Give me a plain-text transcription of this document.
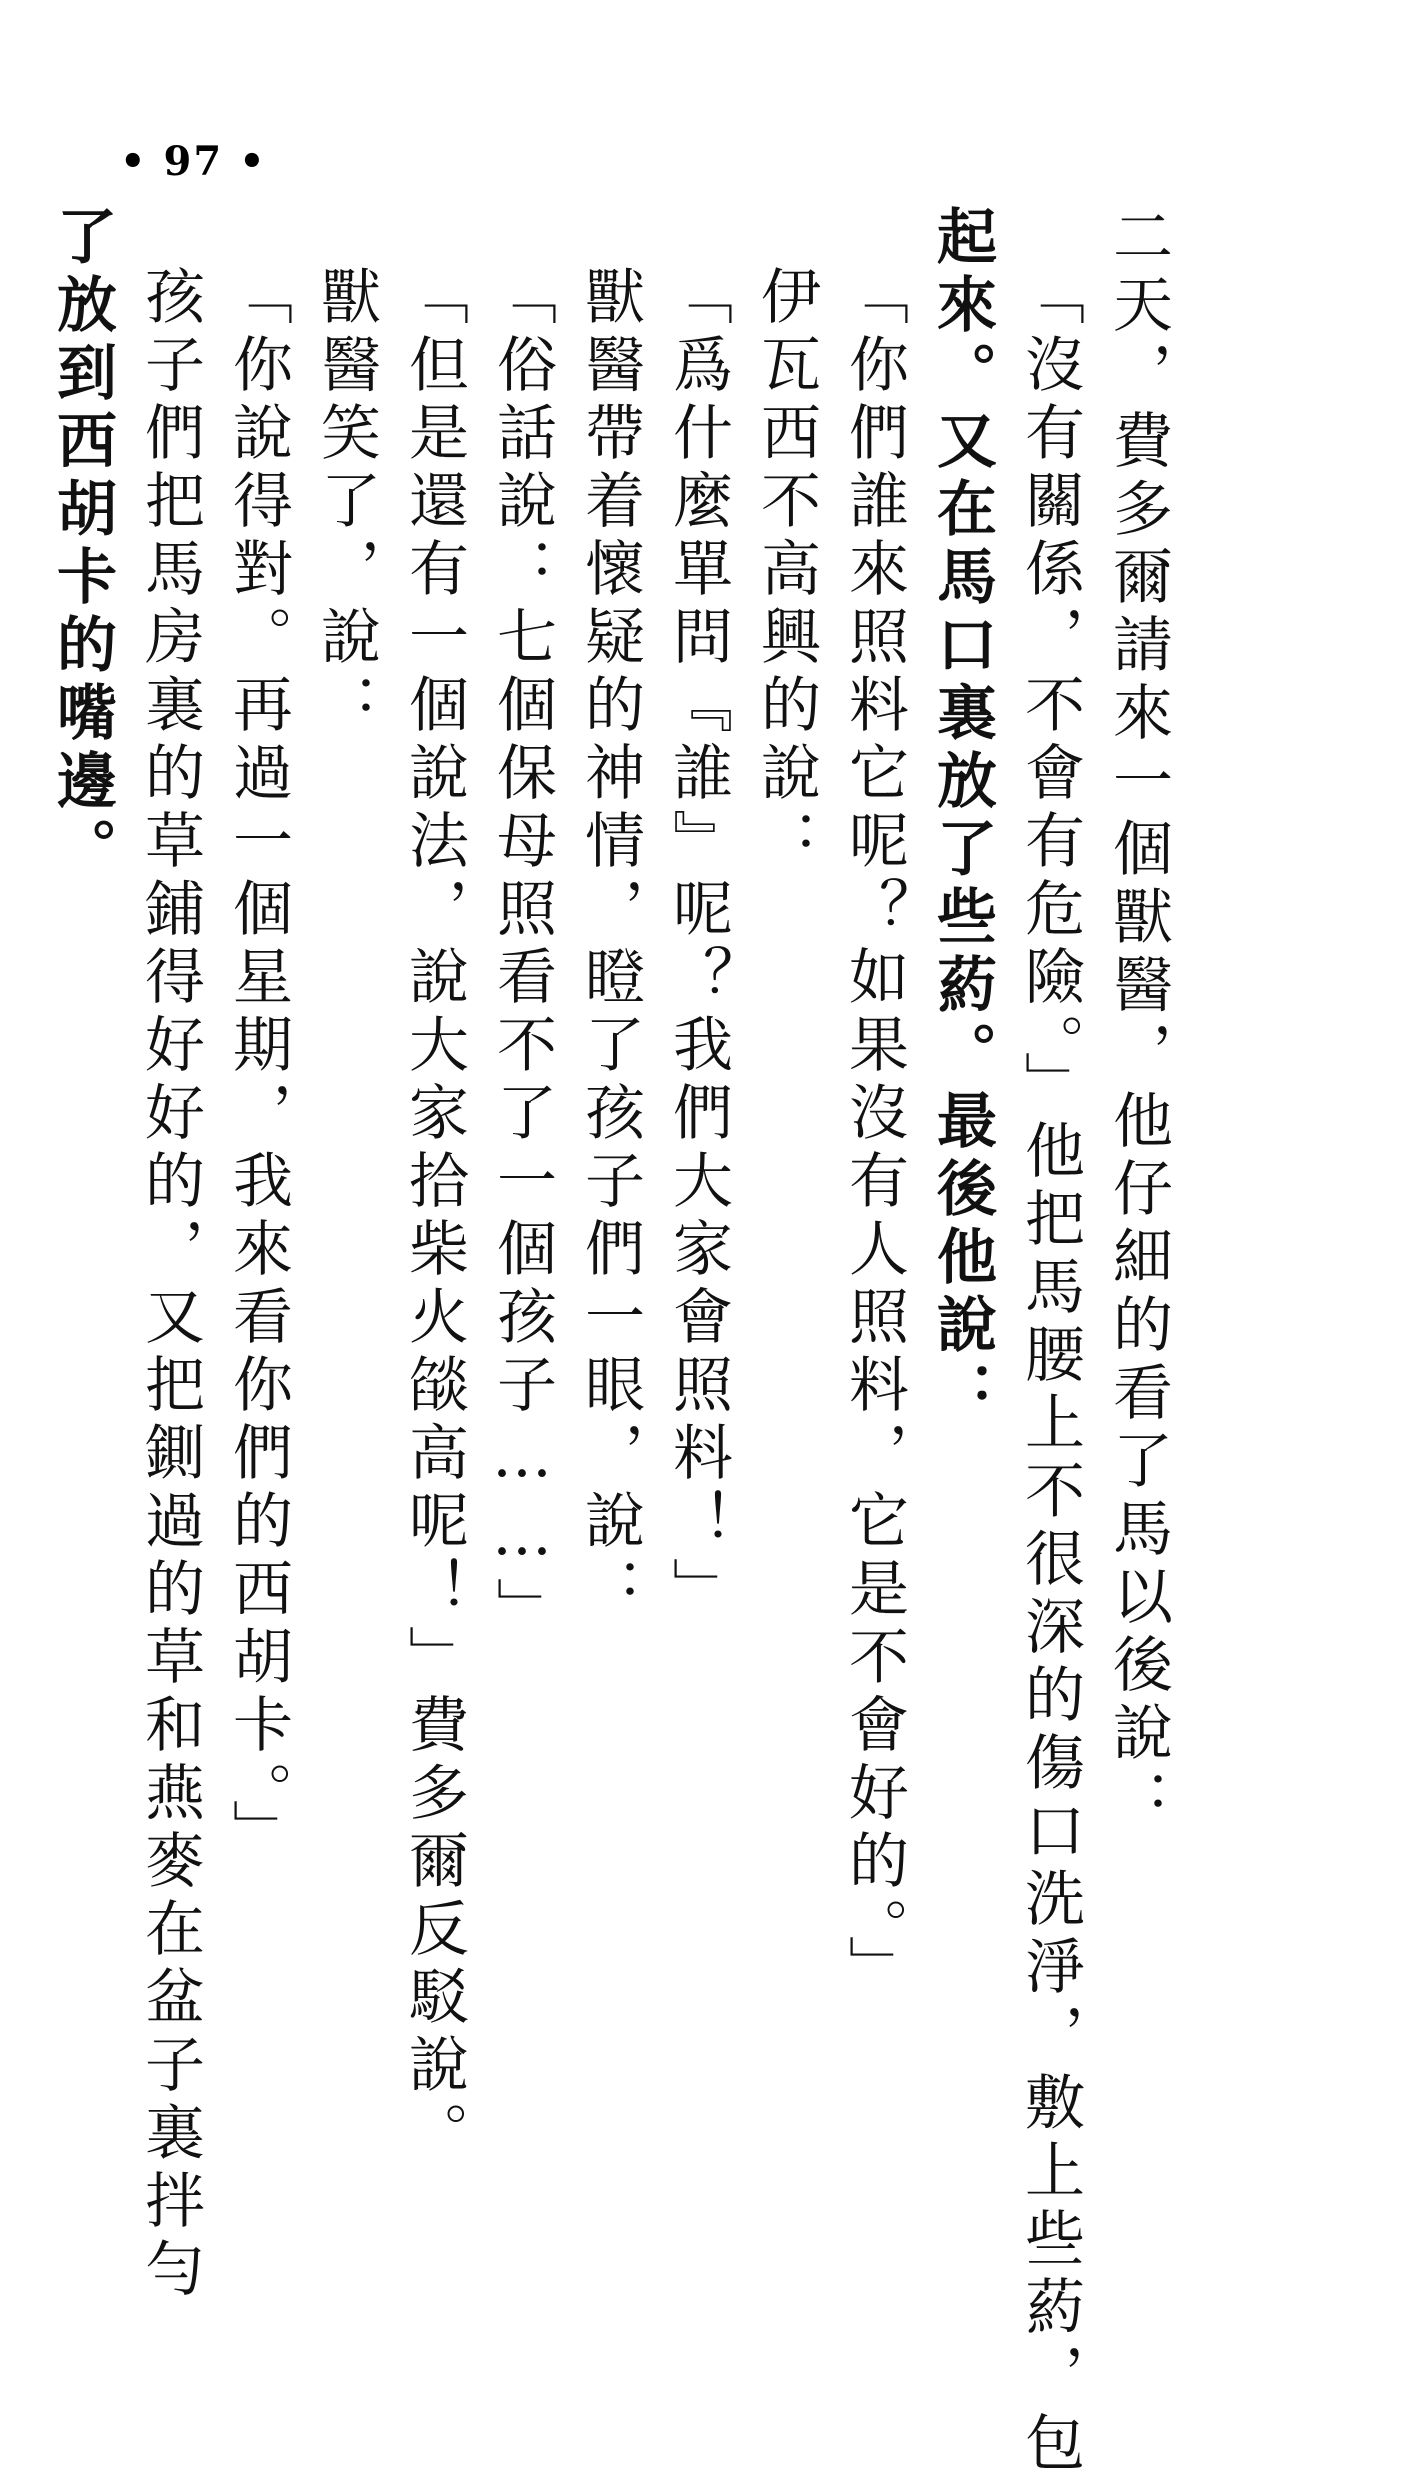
• 97 •
二天，費多爾請來一個獸醫，他仔細的看了馬以後說：
「沒有關係，不會有危險。」他把馬腰上不很深的傷口洗淨，敷上些葯，包
起來。又在馬口裏放了些葯。最後他說：
「你們誰來照料它呢？如果沒有人照料，它是不會好的。」
伊瓦西不高興的說：
「爲什麼單問『誰』呢？我們大家會照料！」
獸醫帶着懷疑的神情，瞪了孩子們一眼，說：
「俗話說：七個保母照看不了一個孩子……」
「但是還有一個說法，說大家拾柴火燄高呢！」費多爾反駁說。
獸醫笑了，說：
「你說得對。再過一個星期，我來看你們的西胡卡。」
孩子們把馬房裏的草鋪得好好的，又把鍘過的草和燕麥在盆子裏拌勻
了放到西胡卡的嘴邊。
